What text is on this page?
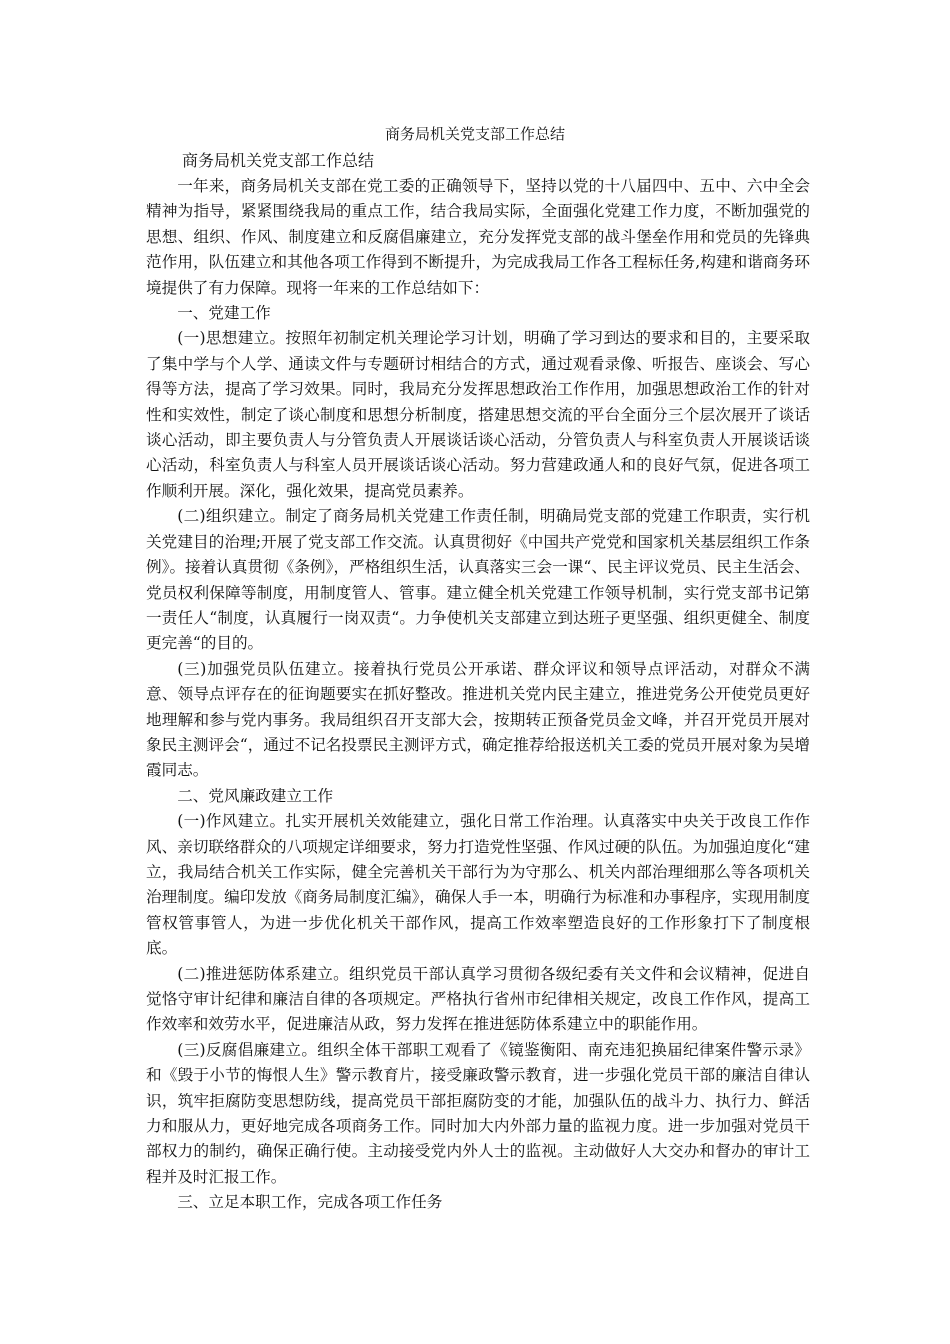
商务局机关党支部工作总结
商务局机关党支部工作总结

一年来，商务局机关支部在党工委的正确领导下，坚持以党的十八届四中、五中、六中全会精神为指导，紧紧围绕我局的重点工作，结合我局实际，全面强化党建工作力度，不断加强党的思想、组织、作风、制度建立和反腐倡廉建立，充分发挥党支部的战斗堡垒作用和党员的先锋典范作用，队伍建立和其他各项工作得到不断提升，为完成我局工作各工程标任务,构建和谐商务环境提供了有力保障。现将一年来的工作总结如下：

一、党建工作

(一)思想建立。按照年初制定机关理论学习计划，明确了学习到达的要求和目的，主要采取了集中学与个人学、通读文件与专题研讨相结合的方式，通过观看录像、听报告、座谈会、写心得等方法，提高了学习效果。同时，我局充分发挥思想政治工作作用，加强思想政治工作的针对性和实效性，制定了谈心制度和思想分析制度，搭建思想交流的平台全面分三个层次展开了谈话谈心活动，即主要负责人与分管负责人开展谈话谈心活动，分管负责人与科室负责人开展谈话谈心活动，科室负责人与科室人员开展谈话谈心活动。努力营建政通人和的良好气氛，促进各项工作顺利开展。深化，强化效果，提高党员素养。

(二)组织建立。制定了商务局机关党建工作责任制，明确局党支部的党建工作职责，实行机关党建目的治理;开展了党支部工作交流。认真贯彻好《中国共产党党和国家机关基层组织工作条例》。接着认真贯彻《条例》，严格组织生活，认真落实三会一课“、民主评议党员、民主生活会、党员权利保障等制度，用制度管人、管事。建立健全机关党建工作领导机制，实行党支部书记第一责任人“制度，认真履行一岗双责“。力争使机关支部建立到达班子更坚强、组织更健全、制度更完善“的目的。

(三)加强党员队伍建立。接着执行党员公开承诺、群众评议和领导点评活动，对群众不满意、领导点评存在的征询题要实在抓好整改。推进机关党内民主建立，推进党务公开使党员更好地理解和参与党内事务。我局组织召开支部大会，按期转正预备党员金文峰，并召开党员开展对象民主测评会“，通过不记名投票民主测评方式，确定推荐给报送机关工委的党员开展对象为吴增霞同志。

二、党风廉政建立工作

(一)作风建立。扎实开展机关效能建立，强化日常工作治理。认真落实中央关于改良工作作风、亲切联络群众的八项规定详细要求，努力打造党性坚强、作风过硬的队伍。为加强迫度化“建立，我局结合机关工作实际，健全完善机关干部行为为守那么、机关内部治理细那么等各项机关治理制度。编印发放《商务局制度汇编》，确保人手一本，明确行为标准和办事程序，实现用制度管权管事管人，为进一步优化机关干部作风，提高工作效率塑造良好的工作形象打下了制度根底。

(二)推进惩防体系建立。组织党员干部认真学习贯彻各级纪委有关文件和会议精神，促进自觉恪守审计纪律和廉洁自律的各项规定。严格执行省州市纪律相关规定，改良工作作风，提高工作效率和效劳水平，促进廉洁从政，努力发挥在推进惩防体系建立中的职能作用。

(三)反腐倡廉建立。组织全体干部职工观看了《镜鉴衡阳、南充违犯换届纪律案件警示录》和《毁于小节的悔恨人生》警示教育片，接受廉政警示教育，进一步强化党员干部的廉洁自律认识，筑牢拒腐防变思想防线，提高党员干部拒腐防变的才能，加强队伍的战斗力、执行力、鲜活力和服从力，更好地完成各项商务工作。同时加大内外部力量的监视力度。进一步加强对党员干部权力的制约，确保正确行使。主动接受党内外人士的监视。主动做好人大交办和督办的审计工程并及时汇报工作。

三、立足本职工作，完成各项工作任务
